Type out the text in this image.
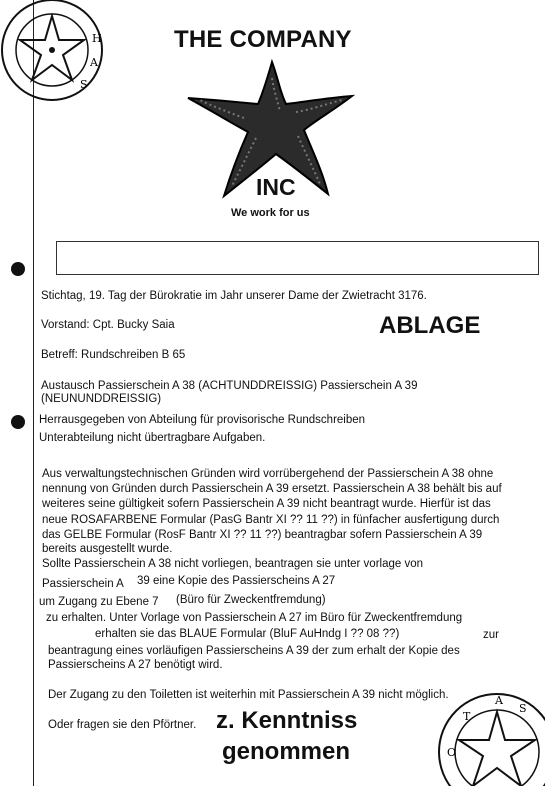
H
A
S
THE COMPANY
INC
We work for us
Stichtag, 19. Tag der Bürokratie im Jahr unserer Dame der Zwietracht 3176.
Vorstand: Cpt. Bucky Saia	ABLAGE
Betreff: Rundschreiben B 65
Austausch Passierschein A 38 (ACHTUNDDREISSIG) Passierschein A 39
(NEUNUNDDREISSIG)
Herrausgegeben von Abteilung für provisorische Rundschreiben
Unterabteilung nicht übertragbare Aufgaben.
Aus verwaltungstechnischen Gründen wird vorrübergehend der Passierschein A 38 ohne
nennung von Gründen durch Passierschein A 39 ersetzt. Passierschein A 38 behält bis auf
weiteres seine gültigkeit sofern Passierschein A 39 nicht beantragt wurde. Hierfür ist das
neue ROSAFARBENE Formular (PasG Bantr XI ?? 11 ??) in fünfacher ausfertigung durch
das GELBE Formular (RosF Bantr XI ?? 11 ??) beantragbar sofern Passierschein A 39
bereits ausgestellt wurde.
Sollte Passierschein A 38 nicht vorliegen, beantragen sie unter vorlage von
Passierschein A 39 eine Kopie des Passierscheins A 27
um Zugang zu Ebene 7 (Büro für Zweckentfremdung)
zu erhalten. Unter Vorlage von Passierschein A 27 im Büro für Zweckentfremdung
erhalten sie das BLAUE Formular (BluF AuHndg I ?? 08 ??)	zur
beantragung eines vorläufigen Passierscheins A 39 der zum erhalt der Kopie des
Passierscheins A 27 benötigt wird.
Der Zugang zu den Toiletten ist weiterhin mit Passierschein A 39 nicht möglich.
Oder fragen sie den Pförtner. z. Kenntniss
genommen
T
A
S
O
